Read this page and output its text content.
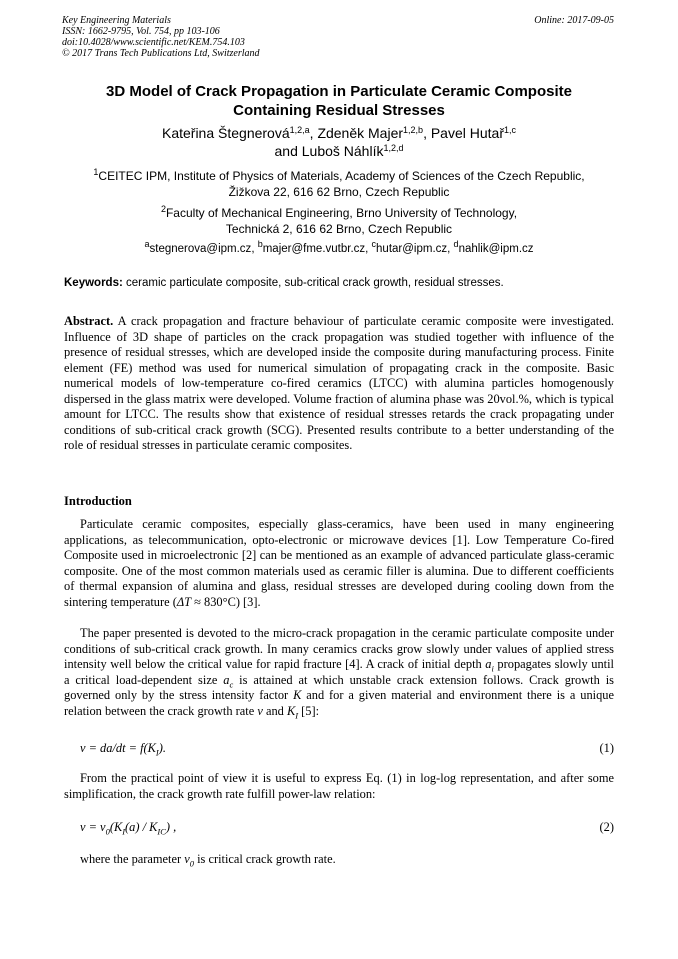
Key Engineering Materials
ISSN: 1662-9795, Vol. 754, pp 103-106
doi:10.4028/www.scientific.net/KEM.754.103
© 2017 Trans Tech Publications Ltd, Switzerland
Online: 2017-09-05
3D Model of Crack Propagation in Particulate Ceramic Composite
Containing Residual Stresses
Kateřina Štegnerová$^{1,2,a}$, Zdeněk Majer$^{1,2,b}$, Pavel Hutař$^{1,c}$
and Luboš Náhlík$^{1,2,d}$
$^1$CEITEC IPM, Institute of Physics of Materials, Academy of Sciences of the Czech Republic,
Žižkova 22, 616 62 Brno, Czech Republic
$^2$Faculty of Mechanical Engineering, Brno University of Technology,
Technická 2, 616 62 Brno, Czech Republic
$^a$stegnerova@ipm.cz, $^b$majer@fme.vutbr.cz, $^c$hutar@ipm.cz, $^d$nahlik@ipm.cz
Keywords: ceramic particulate composite, sub-critical crack growth, residual stresses.
Abstract. A crack propagation and fracture behaviour of particulate ceramic composite were investigated. Influence of 3D shape of particles on the crack propagation was studied together with influence of the presence of residual stresses, which are developed inside the composite during manufacturing process. Finite element (FE) method was used for numerical simulation of propagating crack in the composite. Basic numerical models of low-temperature co-fired ceramics (LTCC) with alumina particles homogenously dispersed in the glass matrix were developed. Volume fraction of alumina phase was 20vol.%, which is typical amount for LTCC. The results show that existence of residual stresses retards the crack propagating under conditions of sub-critical crack growth (SCG). Presented results contribute to a better understanding of the role of residual stresses in particulate ceramic composites.
Introduction
Particulate ceramic composites, especially glass-ceramics, have been used in many engineering applications, as telecommunication, opto-electronic or microwave devices [1]. Low Temperature Co-fired Composite used in microelectronic [2] can be mentioned as an example of advanced particulate glass-ceramic composite. One of the most common materials used as ceramic filler is alumina. Due to different coefficients of thermal expansion of alumina and glass, residual stresses are developed during cooling down from the sintering temperature (ΔT ≈ 830°C) [3].
The paper presented is devoted to the micro-crack propagation in the ceramic particulate composite under conditions of sub-critical crack growth. In many ceramics cracks grow slowly under values of applied stress intensity well below the critical value for rapid fracture [4]. A crack of initial depth $a_i$ propagates slowly until a critical load-dependent size $a_c$ is attained at which unstable crack extension follows. Crack growth is governed only by the stress intensity factor K and for a given material and environment there is a unique relation between the crack growth rate v and $K_I$ [5]:
$v = da/dt = f(K_I)$.	(1)
From the practical point of view it is useful to express Eq. (1) in log-log representation, and after some simplification, the crack growth rate fulfill power-law relation:
$v = v_0(K_I(a) / K_{IC})$ ,	(2)
where the parameter $v_0$ is critical crack growth rate.
